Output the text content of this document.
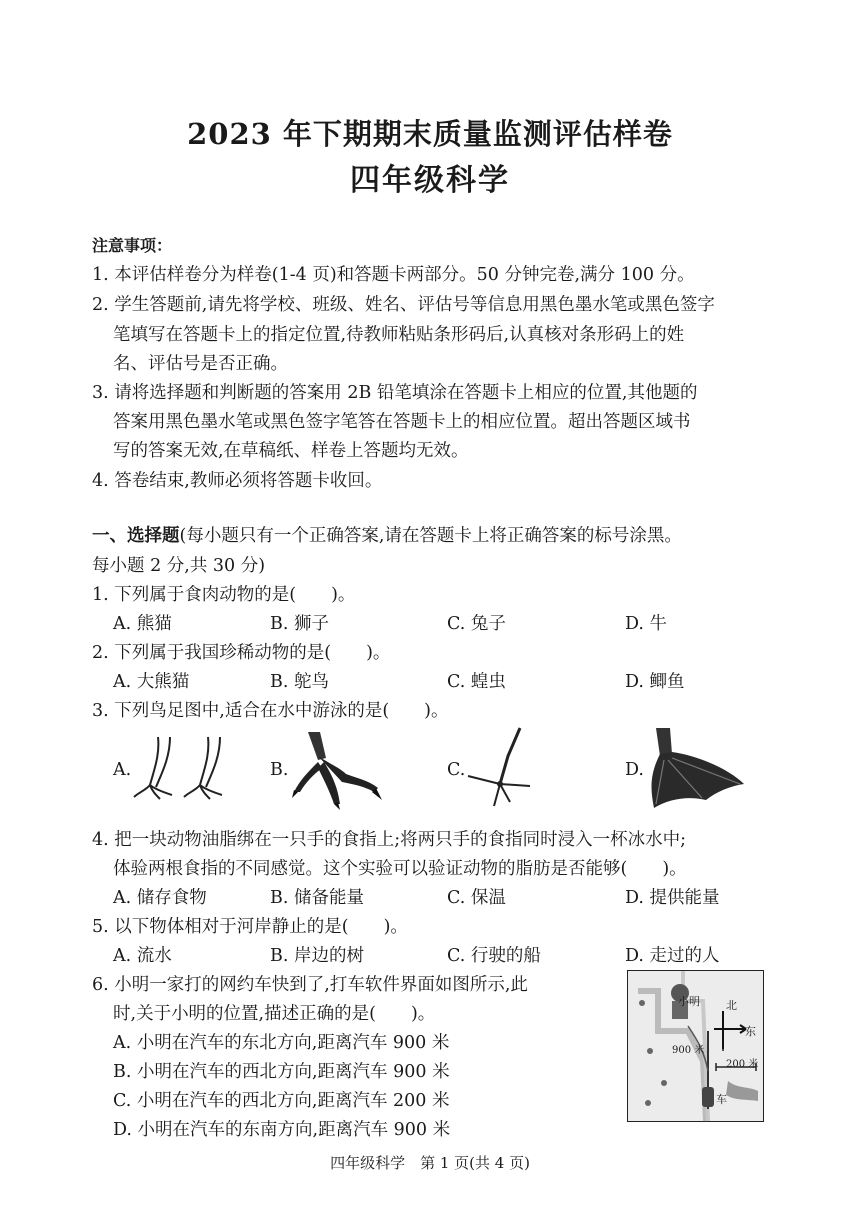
2023 年下期期末质量监测评估样卷
四年级科学
注意事项：
1. 本评估样卷分为样卷(1-4 页)和答题卡两部分。50 分钟完卷,满分 100 分。
2. 学生答题前,请先将学校、班级、姓名、评估号等信息用黑色墨水笔或黑色签字
笔填写在答题卡上的指定位置,待教师粘贴条形码后,认真核对条形码上的姓
名、评估号是否正确。
3. 请将选择题和判断题的答案用 2B 铅笔填涂在答题卡上相应的位置,其他题的
答案用黑色墨水笔或黑色签字笔答在答题卡上的相应位置。超出答题区域书
写的答案无效,在草稿纸、样卷上答题均无效。
4. 答卷结束,教师必须将答题卡收回。
一、选择题(每小题只有一个正确答案,请在答题卡上将正确答案的标号涂黑。
每小题 2 分,共 30 分)
1. 下列属于食肉动物的是(　　)。
A. 熊猫	B. 狮子	C. 兔子	D. 牛
2. 下列属于我国珍稀动物的是(　　)。
A. 大熊猫	B. 鸵鸟	C. 蝗虫	D. 鲫鱼
3. 下列鸟足图中,适合在水中游泳的是(　　)。
A.	B.	C.	D.
4. 把一块动物油脂绑在一只手的食指上;将两只手的食指同时浸入一杯冰水中;
体验两根食指的不同感觉。这个实验可以验证动物的脂肪是否能够(　　)。
A. 储存食物	B. 储备能量	C. 保温	D. 提供能量
5. 以下物体相对于河岸静止的是(　　)。
A. 流水	B. 岸边的树	C. 行驶的船	D. 走过的人
6. 小明一家打的网约车快到了,打车软件界面如图所示,此
时,关于小明的位置,描述正确的是(　　)。
A. 小明在汽车的东北方向,距离汽车 900 米
B. 小明在汽车的西北方向,距离汽车 900 米
C. 小明在汽车的西北方向,距离汽车 200 米
D. 小明在汽车的东南方向,距离汽车 900 米
小明 北
东
900 米
200 米
车
四年级科学　第 1 页(共 4 页)
